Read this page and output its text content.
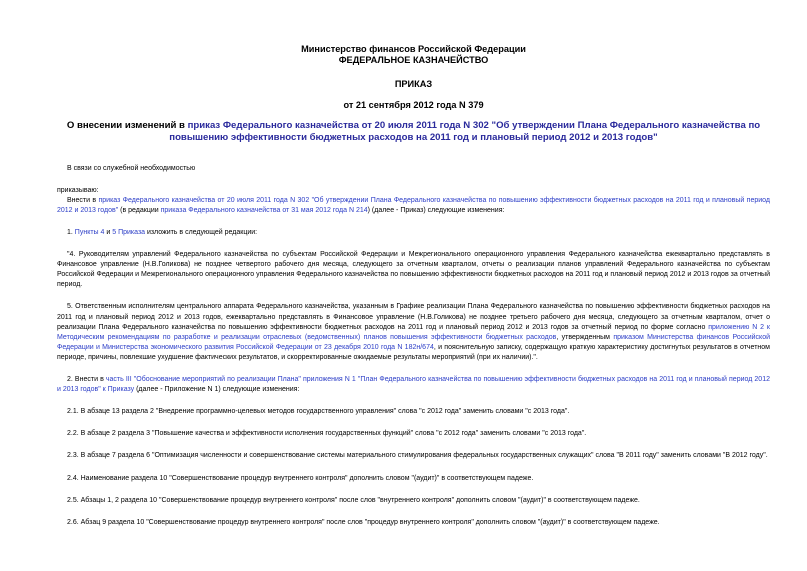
Министерство финансов Российской Федерации
ФЕДЕРАЛЬНОЕ КАЗНАЧЕЙСТВО
ПРИКАЗ
от 21 сентября 2012 года N 379
О внесении изменений в приказ Федерального казначейства от 20 июля 2011 года N 302 "Об утверждении Плана Федерального казначейства по повышению эффективности бюджетных расходов на 2011 год и плановый период 2012 и 2013 годов"

В связи со служебной необходимостью

приказываю:

Внести в приказ Федерального казначейства от 20 июля 2011 года N 302 "Об утверждении Плана Федерального казначейства по повышению эффективности бюджетных расходов на 2011 год и плановый период 2012 и 2013 годов" (в редакции приказа Федерального казначейства от 31 мая 2012 года N 214) (далее - Приказ) следующие изменения:

1. Пункты 4 и 5 Приказа изложить в следующей редакции:

"4. Руководителям управлений Федерального казначейства по субъектам Российской Федерации и Межрегионального операционного управления Федерального казначейства ежеквартально представлять в Финансовое управление (Н.В.Голикова) не позднее четвертого рабочего дня месяца, следующего за отчетным кварталом, отчеты о реализации планов управлений Федерального казначейства по субъектам Российской Федерации и Межрегионального операционного управления Федерального казначейства по повышению эффективности бюджетных расходов на 2011 год и плановый период 2012 и 2013 годов за отчетный период.

5. Ответственным исполнителям центрального аппарата Федерального казначейства, указанным в Графике реализации Плана Федерального казначейства по повышению эффективности бюджетных расходов на 2011 год и плановый период 2012 и 2013 годов, ежеквартально представлять в Финансовое управление (Н.В.Голикова) не позднее третьего рабочего дня месяца, следующего за отчетным кварталом, отчет о реализации Плана Федерального казначейства по повышению эффективности бюджетных расходов на 2011 год и плановый период 2012 и 2013 годов за отчетный период по форме согласно приложению N 2 к Методическим рекомендациям по разработке и реализации отраслевых (ведомственных) планов повышения эффективности бюджетных расходов, утвержденным приказом Министерства финансов Российской Федерации и Министерства экономического развития Российской Федерации от 23 декабря 2010 года N 182н/674, и пояснительную записку, содержащую краткую характеристику достигнутых результатов в отчетном периоде, причины, повлекшие ухудшение фактических результатов, и скорректированные ожидаемые результаты мероприятий (при их наличии).".

2. Внести в часть III "Обоснование мероприятий по реализации Плана" приложения N 1 "План Федерального казначейства по повышению эффективности бюджетных расходов на 2011 год и плановый период 2012 и 2013 годов" к Приказу (далее - Приложение N 1) следующие изменения:

2.1. В абзаце 13 раздела 2 "Внедрение программно-целевых методов государственного управления" слова "с 2012 года" заменить словами "с 2013 года".

2.2. В абзаце 2 раздела 3 "Повышение качества и эффективности исполнения государственных функций" слова "с 2012 года" заменить словами "с 2013 года".

2.3. В абзаце 7 раздела 6 "Оптимизация численности и совершенствование системы материального стимулирования федеральных государственных служащих" слова "В 2011 году" заменить словами "В 2012 году".

2.4. Наименование раздела 10 "Совершенствование процедур внутреннего контроля" дополнить словом "(аудит)" в соответствующем падеже.

2.5. Абзацы 1, 2 раздела 10 "Совершенствование процедур внутреннего контроля" после слов "внутреннего контроля" дополнить словом "(аудит)" в соответствующем падеже.

2.6. Абзац 9 раздела 10 "Совершенствование процедур внутреннего контроля" после слов "процедур внутреннего контроля" дополнить словом "(аудит)" в соответствующем падеже.
